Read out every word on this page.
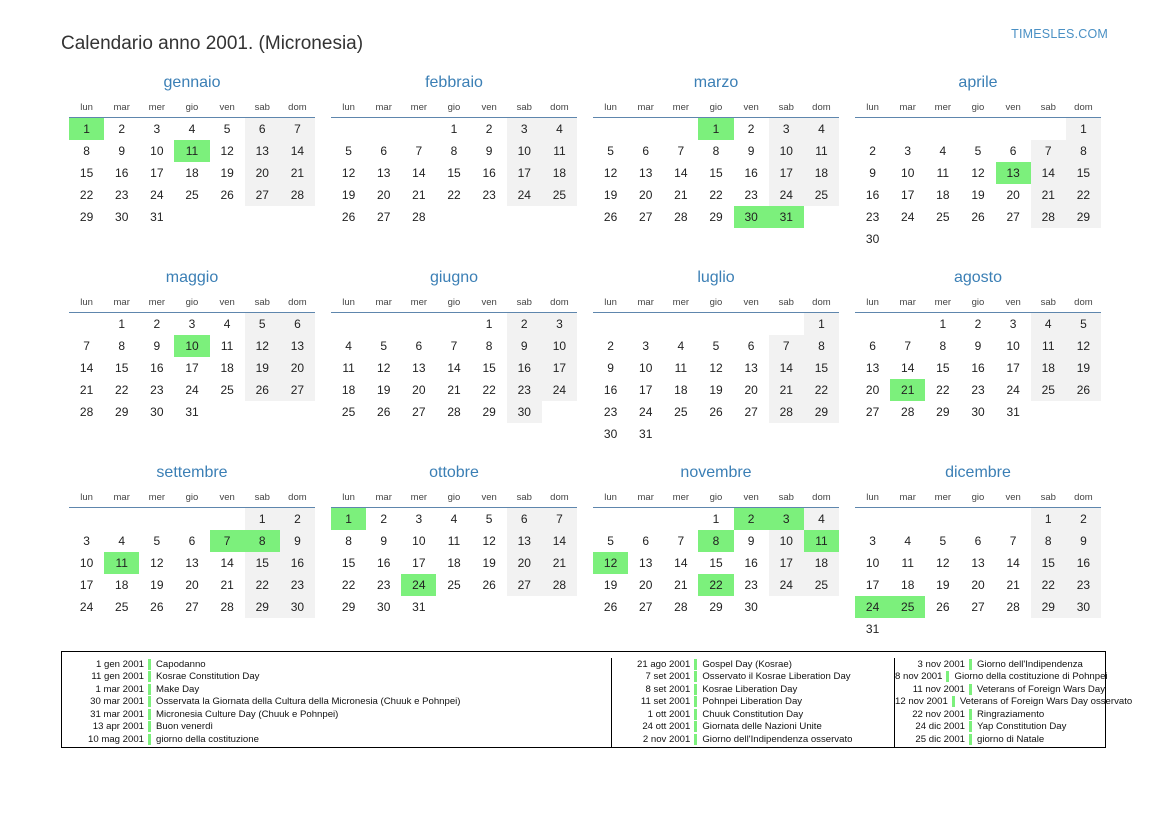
Calendario anno 2001. (Micronesia)	TIMESLES.COM
gennaio
lun	mar	mer	gio	ven	sab	dom
1	2	3	4	5	6	7
8	9	10	11	12	13	14
15	16	17	18	19	20	21
22	23	24	25	26	27	28
29	30	31				
febbraio
lun	mar	mer	gio	ven	sab	dom
			1	2	3	4
5	6	7	8	9	10	11
12	13	14	15	16	17	18
19	20	21	22	23	24	25
26	27	28				
marzo
lun	mar	mer	gio	ven	sab	dom
			1	2	3	4
5	6	7	8	9	10	11
12	13	14	15	16	17	18
19	20	21	22	23	24	25
26	27	28	29	30	31	
aprile
lun	mar	mer	gio	ven	sab	dom
						1
2	3	4	5	6	7	8
9	10	11	12	13	14	15
16	17	18	19	20	21	22
23	24	25	26	27	28	29
30						
maggio
lun	mar	mer	gio	ven	sab	dom
	1	2	3	4	5	6
7	8	9	10	11	12	13
14	15	16	17	18	19	20
21	22	23	24	25	26	27
28	29	30	31			
giugno
lun	mar	mer	gio	ven	sab	dom
				1	2	3
4	5	6	7	8	9	10
11	12	13	14	15	16	17
18	19	20	21	22	23	24
25	26	27	28	29	30	
luglio
lun	mar	mer	gio	ven	sab	dom
						1
2	3	4	5	6	7	8
9	10	11	12	13	14	15
16	17	18	19	20	21	22
23	24	25	26	27	28	29
30	31					
agosto
lun	mar	mer	gio	ven	sab	dom
		1	2	3	4	5
6	7	8	9	10	11	12
13	14	15	16	17	18	19
20	21	22	23	24	25	26
27	28	29	30	31		
settembre
lun	mar	mer	gio	ven	sab	dom
					1	2
3	4	5	6	7	8	9
10	11	12	13	14	15	16
17	18	19	20	21	22	23
24	25	26	27	28	29	30
ottobre
lun	mar	mer	gio	ven	sab	dom
1	2	3	4	5	6	7
8	9	10	11	12	13	14
15	16	17	18	19	20	21
22	23	24	25	26	27	28
29	30	31				
novembre
lun	mar	mer	gio	ven	sab	dom
			1	2	3	4
5	6	7	8	9	10	11
12	13	14	15	16	17	18
19	20	21	22	23	24	25
26	27	28	29	30		
dicembre
lun	mar	mer	gio	ven	sab	dom
					1	2
3	4	5	6	7	8	9
10	11	12	13	14	15	16
17	18	19	20	21	22	23
24	25	26	27	28	29	30
31						
1 gen 2001	Capodanno
11 gen 2001	Kosrae Constitution Day
1 mar 2001	Make Day
30 mar 2001	Osservata la Giornata della Cultura della Micronesia (Chuuk e Pohnpei)
31 mar 2001	Micronesia Culture Day (Chuuk e Pohnpei)
13 apr 2001	Buon venerdì
10 mag 2001	giorno della costituzione
21 ago 2001	Gospel Day (Kosrae)
7 set 2001	Osservato il Kosrae Liberation Day
8 set 2001	Kosrae Liberation Day
11 set 2001	Pohnpei Liberation Day
1 ott 2001	Chuuk Constitution Day
24 ott 2001	Giornata delle Nazioni Unite
2 nov 2001	Giorno dell'Indipendenza osservato
3 nov 2001	Giorno dell'Indipendenza
8 nov 2001	Giorno della costituzione di Pohnpei
11 nov 2001	Veterans of Foreign Wars Day
12 nov 2001	Veterans of Foreign Wars Day osservato
22 nov 2001	Ringraziamento
24 dic 2001	Yap Constitution Day
25 dic 2001	giorno di Natale
